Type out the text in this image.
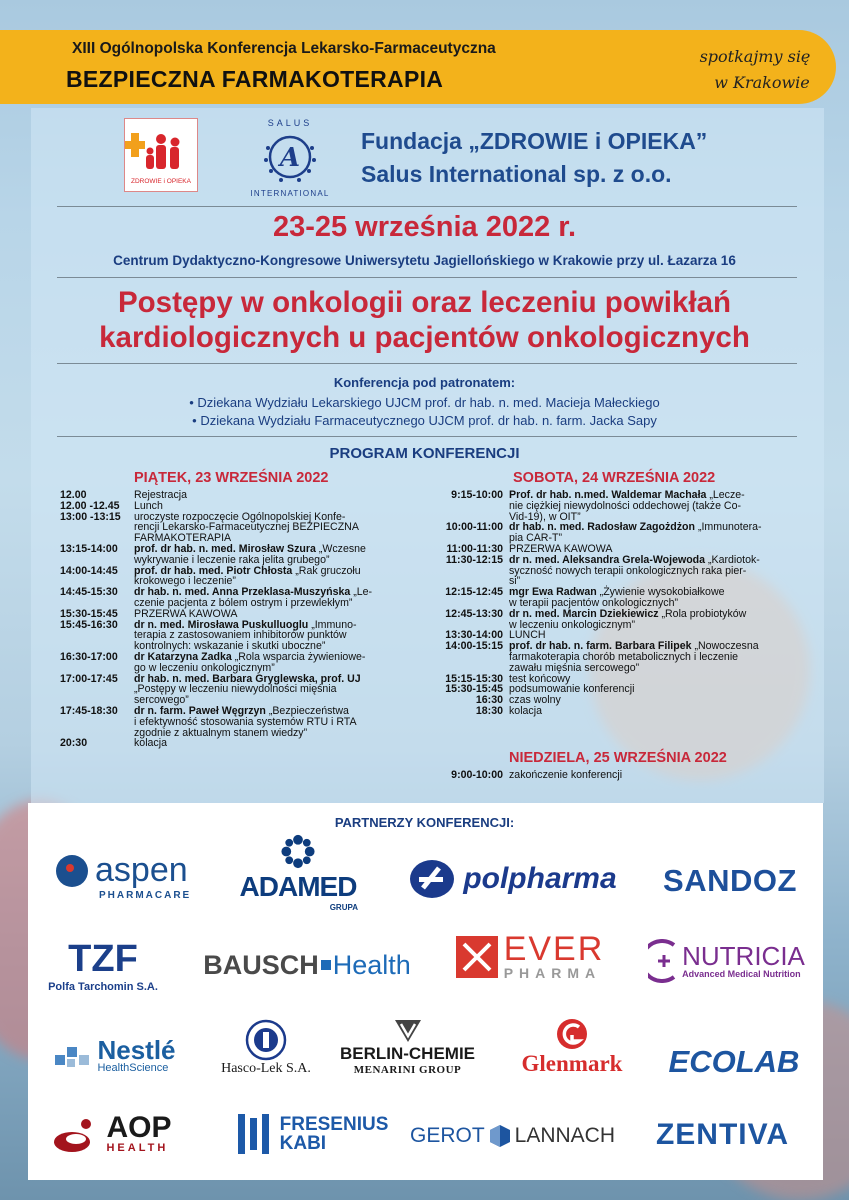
XIII Ogólnopolska Konferencja Lekarsko-Farmaceutyczna
BEZPIECZNA FARMAKOTERAPIA
spotkajmy się
w Krakowie
ZDROWIE i OPIEKA
A
SALUS
INTERNATIONAL
Fundacja „ZDROWIE i OPIEKA”
Salus International sp. z o.o.
23-25 września 2022 r.
Centrum Dydaktyczno-Kongresowe Uniwersytetu Jagiellońskiego w Krakowie przy ul. Łazarza 16
Postępy w onkologii oraz leczeniu powikłań
kardiologicznych u pacjentów onkologicznych
Konferencja pod patronatem:
• Dziekana Wydziału Lekarskiego UJCM prof. dr hab. n. med. Macieja Małeckiego
• Dziekana Wydziału Farmaceutycznego UJCM prof. dr hab. n. farm. Jacka Sapy
PROGRAM KONFERENCJI
PIĄTEK, 23 WRZEŚNIA 2022	SOBOTA, 24 WRZEŚNIA 2022
NIEDZIELA, 25 WRZEŚNIA 2022
12.00	Rejestracja
12.00 -12.45	Lunch
13:00 -13:15	uroczyste rozpoczęcie Ogólnopolskiej Konfe-
rencji Lekarsko-Farmaceutycznej BEZPIECZNA
FARMAKOTERAPIA
13:15-14:00	prof. dr hab. n. med. Mirosław Szura „Wczesne
wykrywanie i leczenie raka jelita grubego”
14:00-14:45	prof. dr hab. med. Piotr Chłosta „Rak gruczołu
krokowego i leczenie”
14:45-15:30	dr hab. n. med. Anna Przeklasa-Muszyńska „Le-
czenie pacjenta z bólem ostrym i przewlekłym”
15:30-15:45	PRZERWA KAWOWA
15:45-16:30	dr n. med. Mirosława Puskulluoglu „Immuno-
terapia z zastosowaniem inhibitorów punktów
kontrolnych: wskazanie i skutki uboczne”
16:30-17:00	dr Katarzyna Zadka „Rola wsparcia żywieniowe-
go w leczeniu onkologicznym”
17:00-17:45	dr hab. n. med. Barbara Gryglewska, prof. UJ
„Postępy w leczeniu niewydolności mięśnia
sercowego”
17:45-18:30	dr n. farm. Paweł Węgrzyn „Bezpieczeństwa
i efektywność stosowania systemów RTU i RTA
zgodnie z aktualnym stanem wiedzy”
20:30	kolacja
9:15-10:00 Prof. dr hab. n.med. Waldemar Machała „Lecze-
nie ciężkiej niewydolności oddechowej (także Co-
Vid-19), w OIT”
10:00-11:00 dr hab. n. med. Radosław Zagożdżon „Immunotera-
pia CAR-T”
11:00-11:30 PRZERWA KAWOWA
11:30-12:15 dr n. med. Aleksandra Grela-Wojewoda „Kardiotok-
syczność nowych terapii onkologicznych raka pier-
si”
12:15-12:45 mgr Ewa Radwan „Żywienie wysokobiałkowe
w terapii pacjentów onkologicznych”
12:45-13:30 dr n. med. Marcin Dziekiewicz „Rola probiotyków
w leczeniu onkologicznym”
13:30-14:00 LUNCH
14:00-15:15 prof. dr hab. n. farm. Barbara Filipek „Nowoczesna
farmakoterapia chorób metabolicznych i leczenie
zawału mięśnia sercowego”
15:15-15:30 test końcowy
15:30-15:45 podsumowanie konferencji
16:30 czas wolny
18:30 kolacja
9:00-10:00 zakończenie konferencji
PARTNERZY KONFERENCJI:
aspen
PHARMACARE ADAMED
GRUPA
polpharma SANDOZ
TZF
Polfa Tarchomin S.A.
BAUSCH Health	EVER
PHARMA
NUTRICIA
Advanced Medical Nutrition
Nestlé
HealthScience	Hasco-Lek S.A.
BERLIN-CHEMIE
MENARINI GROUP	Glenmark ECOLAB
AOP
HEALTH
FRESENIUS
KABI	GEROT LANNACH ZENTIVA
